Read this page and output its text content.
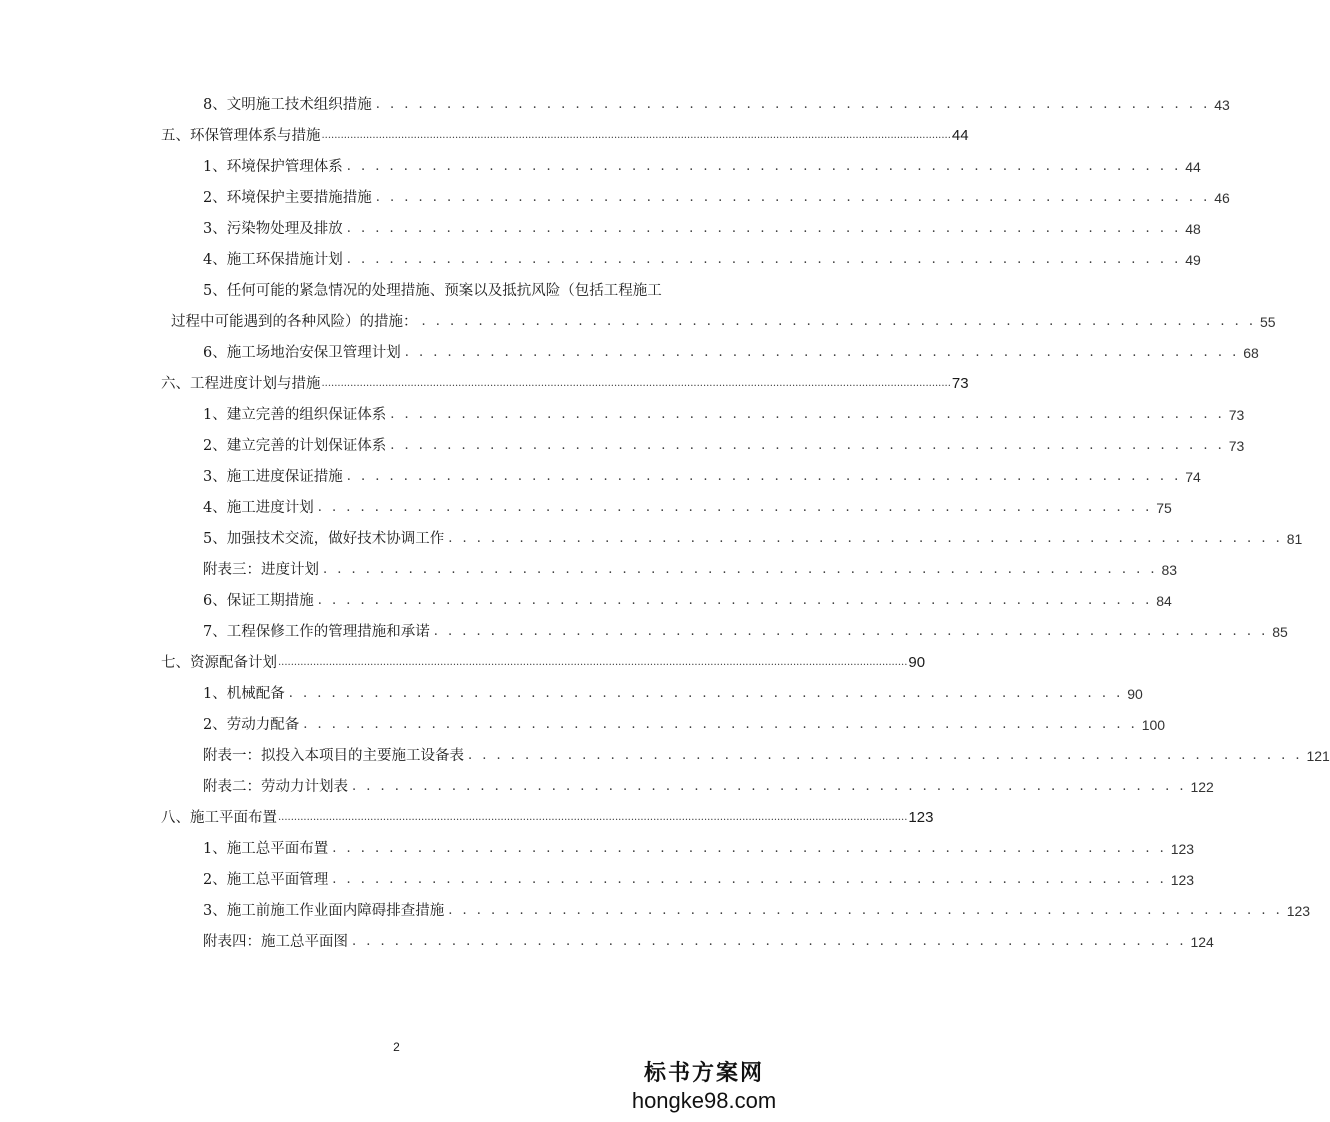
8、文明施工技术组织措施 . . . . . . . . . . . . . . . . . . . . . . . . . . . . . . . . . . . . . . . . . . . . . . . . . . . . . . . . . . . 43
五、环保管理体系与措施 ...................................................................................................................................................................................................... 44
1、环境保护管理体系 . . . . . . . . . . . . . . . . . . . . . . . . . . . . . . . . . . . . . . . . . . . . . . . . . . . . . . . . . . . 44
2、环境保护主要措施措施 . . . . . . . . . . . . . . . . . . . . . . . . . . . . . . . . . . . . . . . . . . . . . . . . . . . . . . . . . . . 46
3、污染物处理及排放 . . . . . . . . . . . . . . . . . . . . . . . . . . . . . . . . . . . . . . . . . . . . . . . . . . . . . . . . . . . 48
4、施工环保措施计划 . . . . . . . . . . . . . . . . . . . . . . . . . . . . . . . . . . . . . . . . . . . . . . . . . . . . . . . . . . . 49
5、任何可能的紧急情况的处理措施、预案以及抵抗风险（包括工程施工
过程中可能遇到的各种风险）的措施： . . . . . . . . . . . . . . . . . . . . . . . . . . . . . . . . . . . . . . . . . . . . . . . . . . . . . . . . . . . 55
6、施工场地治安保卫管理计划 . . . . . . . . . . . . . . . . . . . . . . . . . . . . . . . . . . . . . . . . . . . . . . . . . . . . . . . . . . . 68
六、工程进度计划与措施 ...................................................................................................................................................................................................... 73
1、建立完善的组织保证体系 . . . . . . . . . . . . . . . . . . . . . . . . . . . . . . . . . . . . . . . . . . . . . . . . . . . . . . . . . . . 73
2、建立完善的计划保证体系 . . . . . . . . . . . . . . . . . . . . . . . . . . . . . . . . . . . . . . . . . . . . . . . . . . . . . . . . . . . 73
3、施工进度保证措施 . . . . . . . . . . . . . . . . . . . . . . . . . . . . . . . . . . . . . . . . . . . . . . . . . . . . . . . . . . . 74
4、施工进度计划 . . . . . . . . . . . . . . . . . . . . . . . . . . . . . . . . . . . . . . . . . . . . . . . . . . . . . . . . . . . 75
5、加强技术交流，做好技术协调工作 . . . . . . . . . . . . . . . . . . . . . . . . . . . . . . . . . . . . . . . . . . . . . . . . . . . . . . . . . . . 81
附表三：进度计划 . . . . . . . . . . . . . . . . . . . . . . . . . . . . . . . . . . . . . . . . . . . . . . . . . . . . . . . . . . . 83
6、保证工期措施 . . . . . . . . . . . . . . . . . . . . . . . . . . . . . . . . . . . . . . . . . . . . . . . . . . . . . . . . . . . 84
7、工程保修工作的管理措施和承诺 . . . . . . . . . . . . . . . . . . . . . . . . . . . . . . . . . . . . . . . . . . . . . . . . . . . . . . . . . . . 85
七、资源配备计划 ...................................................................................................................................................................................................... 90
1、机械配备 . . . . . . . . . . . . . . . . . . . . . . . . . . . . . . . . . . . . . . . . . . . . . . . . . . . . . . . . . . . 90
2、劳动力配备 . . . . . . . . . . . . . . . . . . . . . . . . . . . . . . . . . . . . . . . . . . . . . . . . . . . . . . . . . . . 100
附表一：拟投入本项目的主要施工设备表 . . . . . . . . . . . . . . . . . . . . . . . . . . . . . . . . . . . . . . . . . . . . . . . . . . . . . . . . . . . 121
附表二：劳动力计划表 . . . . . . . . . . . . . . . . . . . . . . . . . . . . . . . . . . . . . . . . . . . . . . . . . . . . . . . . . . . 122
八、施工平面布置 ...................................................................................................................................................................................................... 123
1、施工总平面布置 . . . . . . . . . . . . . . . . . . . . . . . . . . . . . . . . . . . . . . . . . . . . . . . . . . . . . . . . . . . 123
2、施工总平面管理 . . . . . . . . . . . . . . . . . . . . . . . . . . . . . . . . . . . . . . . . . . . . . . . . . . . . . . . . . . . 123
3、施工前施工作业面内障碍排查措施 . . . . . . . . . . . . . . . . . . . . . . . . . . . . . . . . . . . . . . . . . . . . . . . . . . . . . . . . . . . 123
附表四：施工总平面图 . . . . . . . . . . . . . . . . . . . . . . . . . . . . . . . . . . . . . . . . . . . . . . . . . . . . . . . . . . . 124
2
标书方案网
hongke98.com
